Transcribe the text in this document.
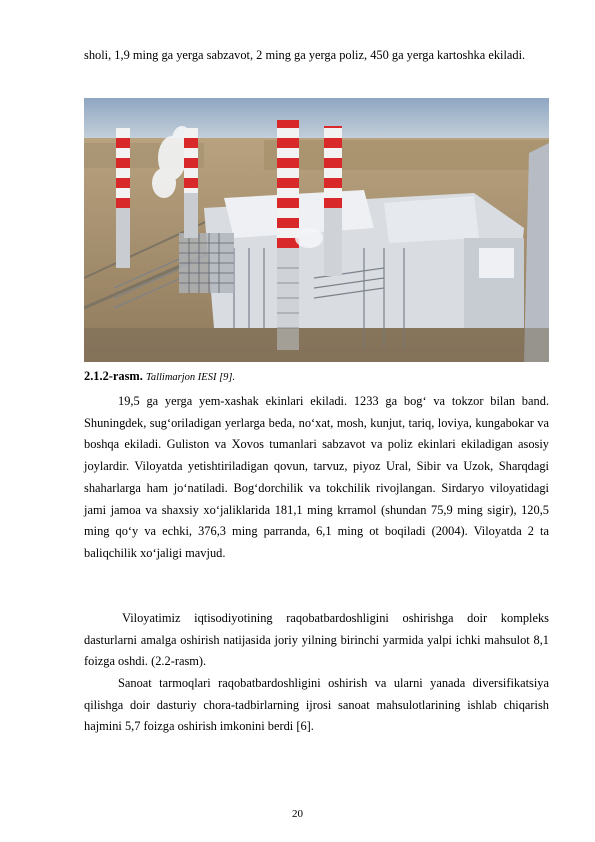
sholi, 1,9 ming ga yerga sabzavot, 2 ming ga yerga poliz, 450 ga yerga kartoshka ekiladi.

2.1.2-rasm. Tallimarjon IESI [9].

19,5 ga yerga yem-xashak ekinlari ekiladi. 1233 ga bog‘ va tokzor bilan band. Shuningdek, sug‘oriladigan yerlarga beda, no‘xat, mosh, kunjut, tariq, loviya, kungabokar va boshqa ekiladi. Guliston va Xovos tumanlari sabzavot va poliz ekinlari ekiladigan asosiy joylardir. Viloyatda yetishtiriladigan qovun, tarvuz, piyoz Ural, Sibir va Uzok, Sharqdagi shaharlarga ham jo‘natiladi. Bog‘dorchilik va tokchilik rivojlangan. Sirdaryo viloyatidagi jami jamoa va shaxsiy xo‘jaliklarida 181,1 ming krramol (shundan 75,9 ming sigir), 120,5 ming qo‘y va echki, 376,3 ming parranda, 6,1 ming ot boqiladi (2004). Viloyatda 2 ta baliqchilik xo‘jaligi mavjud.

Viloyatimiz iqtisodiyotining raqobatbardoshligini oshirishga doir kompleks dasturlarni amalga oshirish natijasida joriy yilning birinchi yarmida yalpi ichki mahsulot 8,1 foizga oshdi. (2.2-rasm).

Sanoat tarmoqlari raqobatbardoshligini oshirish va ularni yanada diversifikatsiya qilishga doir dasturiy chora-tadbirlarning ijrosi sanoat mahsulotlarining ishlab chiqarish hajmini 5,7 foizga oshirish imkonini berdi [6].

20
